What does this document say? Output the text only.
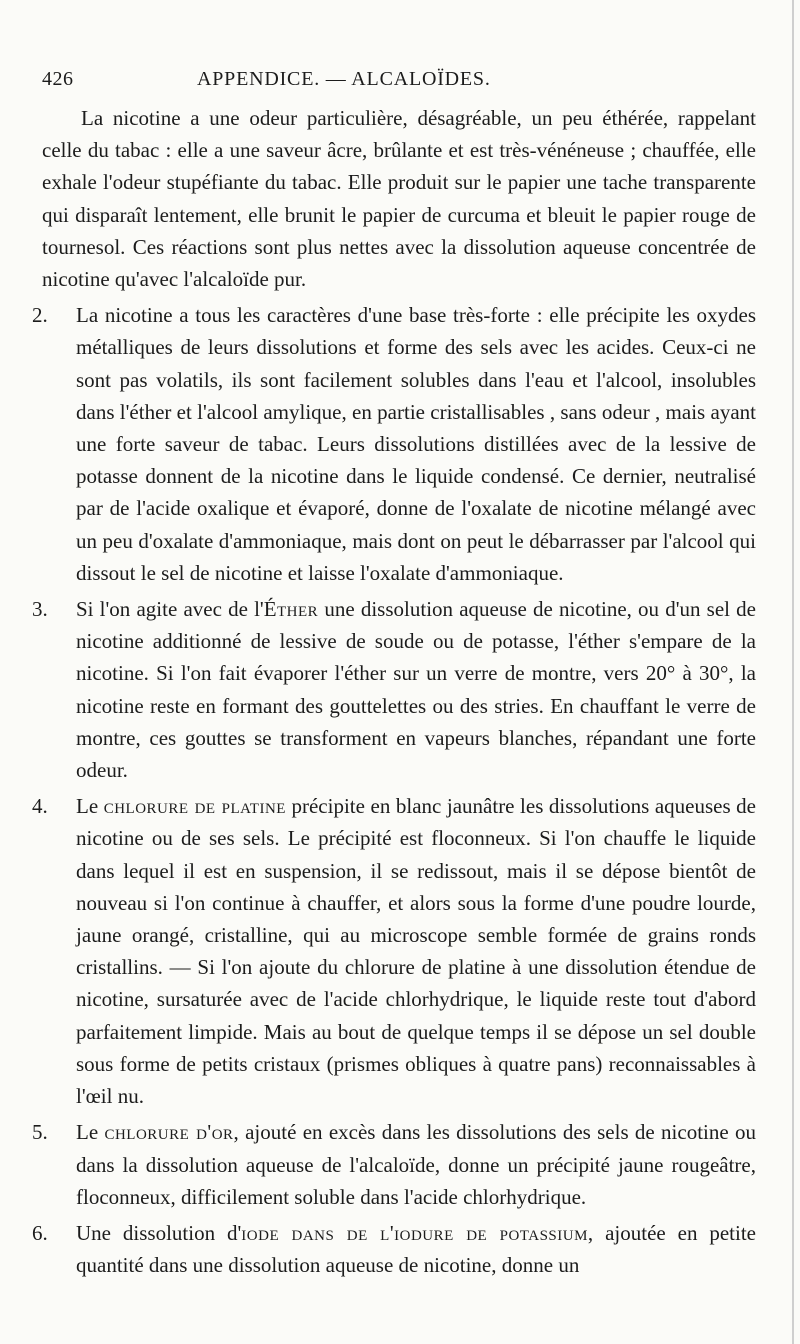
426	APPENDICE. — ALCALOÏDES.

La nicotine a une odeur particulière, désagréable, un peu éthérée, rappelant celle du tabac : elle a une saveur âcre, brûlante et est très-vénéneuse ; chauffée, elle exhale l'odeur stupéfiante du tabac. Elle produit sur le papier une tache transparente qui disparaît lentement, elle brunit le papier de curcuma et bleuit le papier rouge de tournesol. Ces réactions sont plus nettes avec la dissolution aqueuse concentrée de nicotine qu'avec l'alcaloïde pur.

2. La nicotine a tous les caractères d'une base très-forte : elle précipite les oxydes métalliques de leurs dissolutions et forme des sels avec les acides. Ceux-ci ne sont pas volatils, ils sont facilement solubles dans l'eau et l'alcool, insolubles dans l'éther et l'alcool amylique, en partie cristallisables , sans odeur , mais ayant une forte saveur de tabac. Leurs dissolutions distillées avec de la lessive de potasse donnent de la nicotine dans le liquide condensé. Ce dernier, neutralisé par de l'acide oxalique et évaporé, donne de l'oxalate de nicotine mélangé avec un peu d'oxalate d'ammoniaque, mais dont on peut le débarrasser par l'alcool qui dissout le sel de nicotine et laisse l'oxalate d'ammoniaque.
3. Si l'on agite avec de l'Éther une dissolution aqueuse de nicotine, ou d'un sel de nicotine additionné de lessive de soude ou de potasse, l'éther s'empare de la nicotine. Si l'on fait évaporer l'éther sur un verre de montre, vers 20° à 30°, la nicotine reste en formant des gouttelettes ou des stries. En chauffant le verre de montre, ces gouttes se transforment en vapeurs blanches, répandant une forte odeur.
4. Le chlorure de platine précipite en blanc jaunâtre les dissolutions aqueuses de nicotine ou de ses sels. Le précipité est floconneux. Si l'on chauffe le liquide dans lequel il est en suspension, il se redissout, mais il se dépose bientôt de nouveau si l'on continue à chauffer, et alors sous la forme d'une poudre lourde, jaune orangé, cristalline, qui au microscope semble formée de grains ronds cristallins. — Si l'on ajoute du chlorure de platine à une dissolution étendue de nicotine, sursaturée avec de l'acide chlorhydrique, le liquide reste tout d'abord parfaitement limpide. Mais au bout de quelque temps il se dépose un sel double sous forme de petits cristaux (prismes obliques à quatre pans) reconnaissables à l'œil nu.
5. Le chlorure d'or, ajouté en excès dans les dissolutions des sels de nicotine ou dans la dissolution aqueuse de l'alcaloïde, donne un précipité jaune rougeâtre, floconneux, difficilement soluble dans l'acide chlorhydrique.
6. Une dissolution d'iode dans de l'iodure de potassium, ajoutée en petite quantité dans une dissolution aqueuse de nicotine, donne un
